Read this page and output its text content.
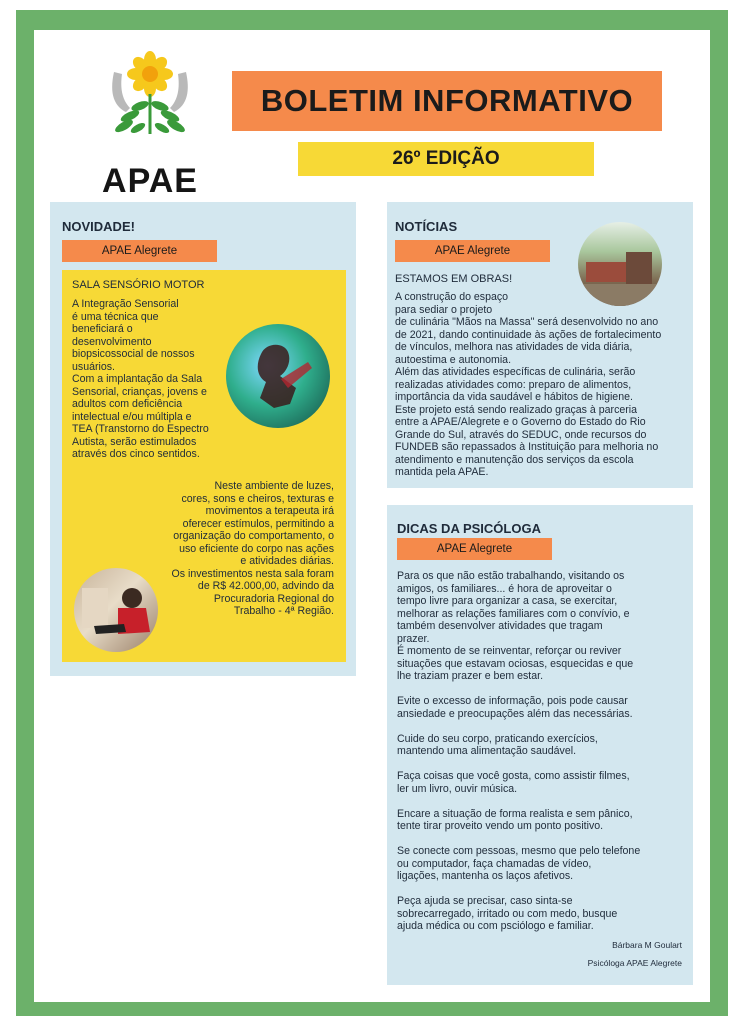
APAE
BOLETIM INFORMATIVO
26º EDIÇÃO
NOVIDADE!
APAE Alegrete
SALA SENSÓRIO MOTOR
A Integração Sensorial
é uma técnica que
beneficiará o
desenvolvimento
biopsicossocial de nossos
usuários.
Com a implantação da Sala
Sensorial, crianças, jovens e
adultos com deficiência
intelectual e/ou múltipla e
TEA (Transtorno do Espectro
Autista, serão estimulados
através dos cinco sentidos.
Neste ambiente de luzes,
cores, sons e cheiros, texturas e
movimentos a terapeuta irá
oferecer estímulos, permitindo a
organização do comportamento, o
uso eficiente do corpo nas ações
e atividades diárias.
Os investimentos nesta sala foram
de R$ 42.000,00, advindo da
Procuradoria Regional do
Trabalho - 4ª Região.
NOTÍCIAS
APAE Alegrete
ESTAMOS EM OBRAS!
A construção do espaço
para sediar o projeto
de culinária "Mãos na Massa" será desenvolvido no ano
de 2021, dando continuidade às ações de fortalecimento
de vínculos, melhora nas atividades de vida diária,
autoestima e autonomia.
Além das atividades específicas de culinária, serão
realizadas atividades como: preparo de alimentos,
importância da vida saudável e hábitos de higiene.
Este projeto está sendo realizado graças à parceria
entre a APAE/Alegrete e o Governo do Estado do Rio
Grande do Sul, através do SEDUC, onde recursos do
FUNDEB são repassados à Instituição para melhoria no
atendimento e manutenção dos serviços da escola
mantida pela APAE.
DICAS DA PSICÓLOGA
APAE Alegrete
Para os que não estão trabalhando, visitando os
amigos, os familiares... é hora de aproveitar o
tempo livre para organizar a casa, se exercitar,
melhorar as relações familiares com o convívio, e
também desenvolver atividades que tragam
prazer.
É momento de se reinventar, reforçar ou reviver
situações que estavam ociosas, esquecidas e que
lhe traziam prazer e bem estar.
Evite o excesso de informação, pois pode causar
ansiedade e preocupações além das necessárias.
Cuide do seu corpo, praticando exercícios,
mantendo uma alimentação saudável.
Faça coisas que você gosta, como assistir filmes,
ler um livro, ouvir música.
Encare a situação de forma realista e sem pânico,
tente tirar proveito vendo um ponto positivo.
Se conecte com pessoas, mesmo que pelo telefone
ou computador, faça chamadas de vídeo,
ligações, mantenha os laços afetivos.
Peça ajuda se precisar, caso sinta-se
sobrecarregado, irritado ou com medo, busque
ajuda médica ou com psciólogo e familiar.
Bárbara M Goulart
Psicóloga APAE Alegrete
